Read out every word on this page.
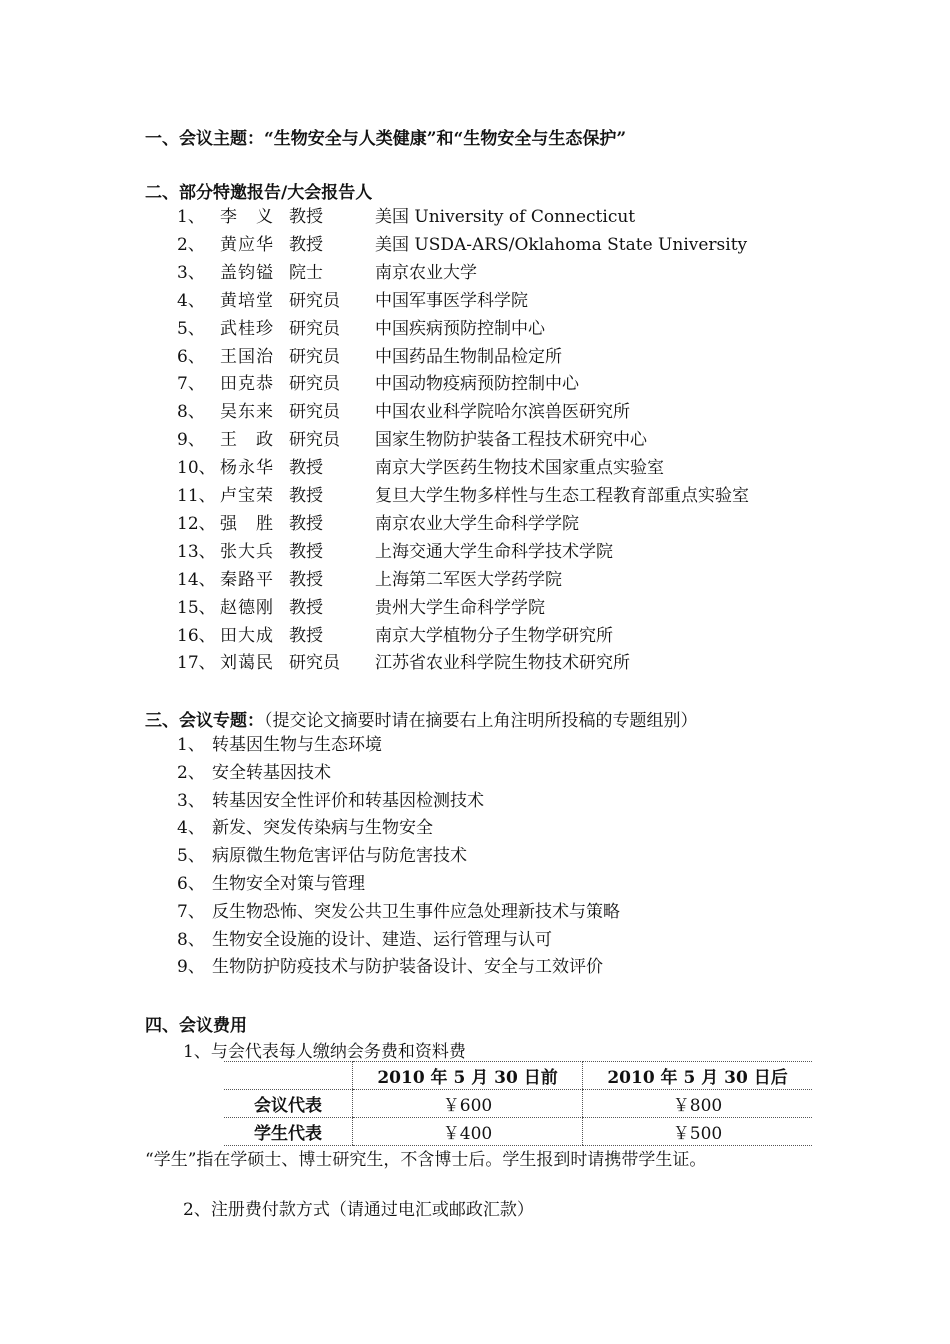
一、会议主题：“生物安全与人类健康”和“生物安全与生态保护”
二、部分特邀报告/大会报告人
1、 李　义 教授	美国 University of Connecticut
2、 黄应华 教授	美国 USDA-ARS/Oklahoma State University
3、 盖钧镒 院士	南京农业大学
4、 黄培堂 研究员 中国军事医学科学院
5、 武桂珍 研究员 中国疾病预防控制中心
6、 王国治 研究员 中国药品生物制品检定所
7、 田克恭 研究员 中国动物疫病预防控制中心
8、 吴东来 研究员 中国农业科学院哈尔滨兽医研究所
9、 王　政 研究员 国家生物防护装备工程技术研究中心
10、 杨永华 教授	南京大学医药生物技术国家重点实验室
11、 卢宝荣 教授	复旦大学生物多样性与生态工程教育部重点实验室
12、 强　胜 教授	南京农业大学生命科学学院
13、 张大兵 教授	上海交通大学生命科学技术学院
14、 秦路平 教授	上海第二军医大学药学院
15、 赵德刚 教授	贵州大学生命科学学院
16、 田大成 教授	南京大学植物分子生物学研究所
17、 刘蔼民 研究员 江苏省农业科学院生物技术研究所
三、会议专题：（提交论文摘要时请在摘要右上角注明所投稿的专题组别）
1、 转基因生物与生态环境
2、 安全转基因技术
3、 转基因安全性评价和转基因检测技术
4、 新发、突发传染病与生物安全
5、 病原微生物危害评估与防危害技术
6、 生物安全对策与管理
7、 反生物恐怖、突发公共卫生事件应急处理新技术与策略
8、 生物安全设施的设计、建造、运行管理与认可
9、 生物防护防疫技术与防护装备设计、安全与工效评价
四、会议费用
1、与会代表每人缴纳会务费和资料费
	2010 年 5 月 30 日前	2010 年 5 月 30 日后
会议代表	￥600	￥800
学生代表	￥400	￥500
“学生”指在学硕士、博士研究生，不含博士后。学生报到时请携带学生证。
2、注册费付款方式（请通过电汇或邮政汇款）
